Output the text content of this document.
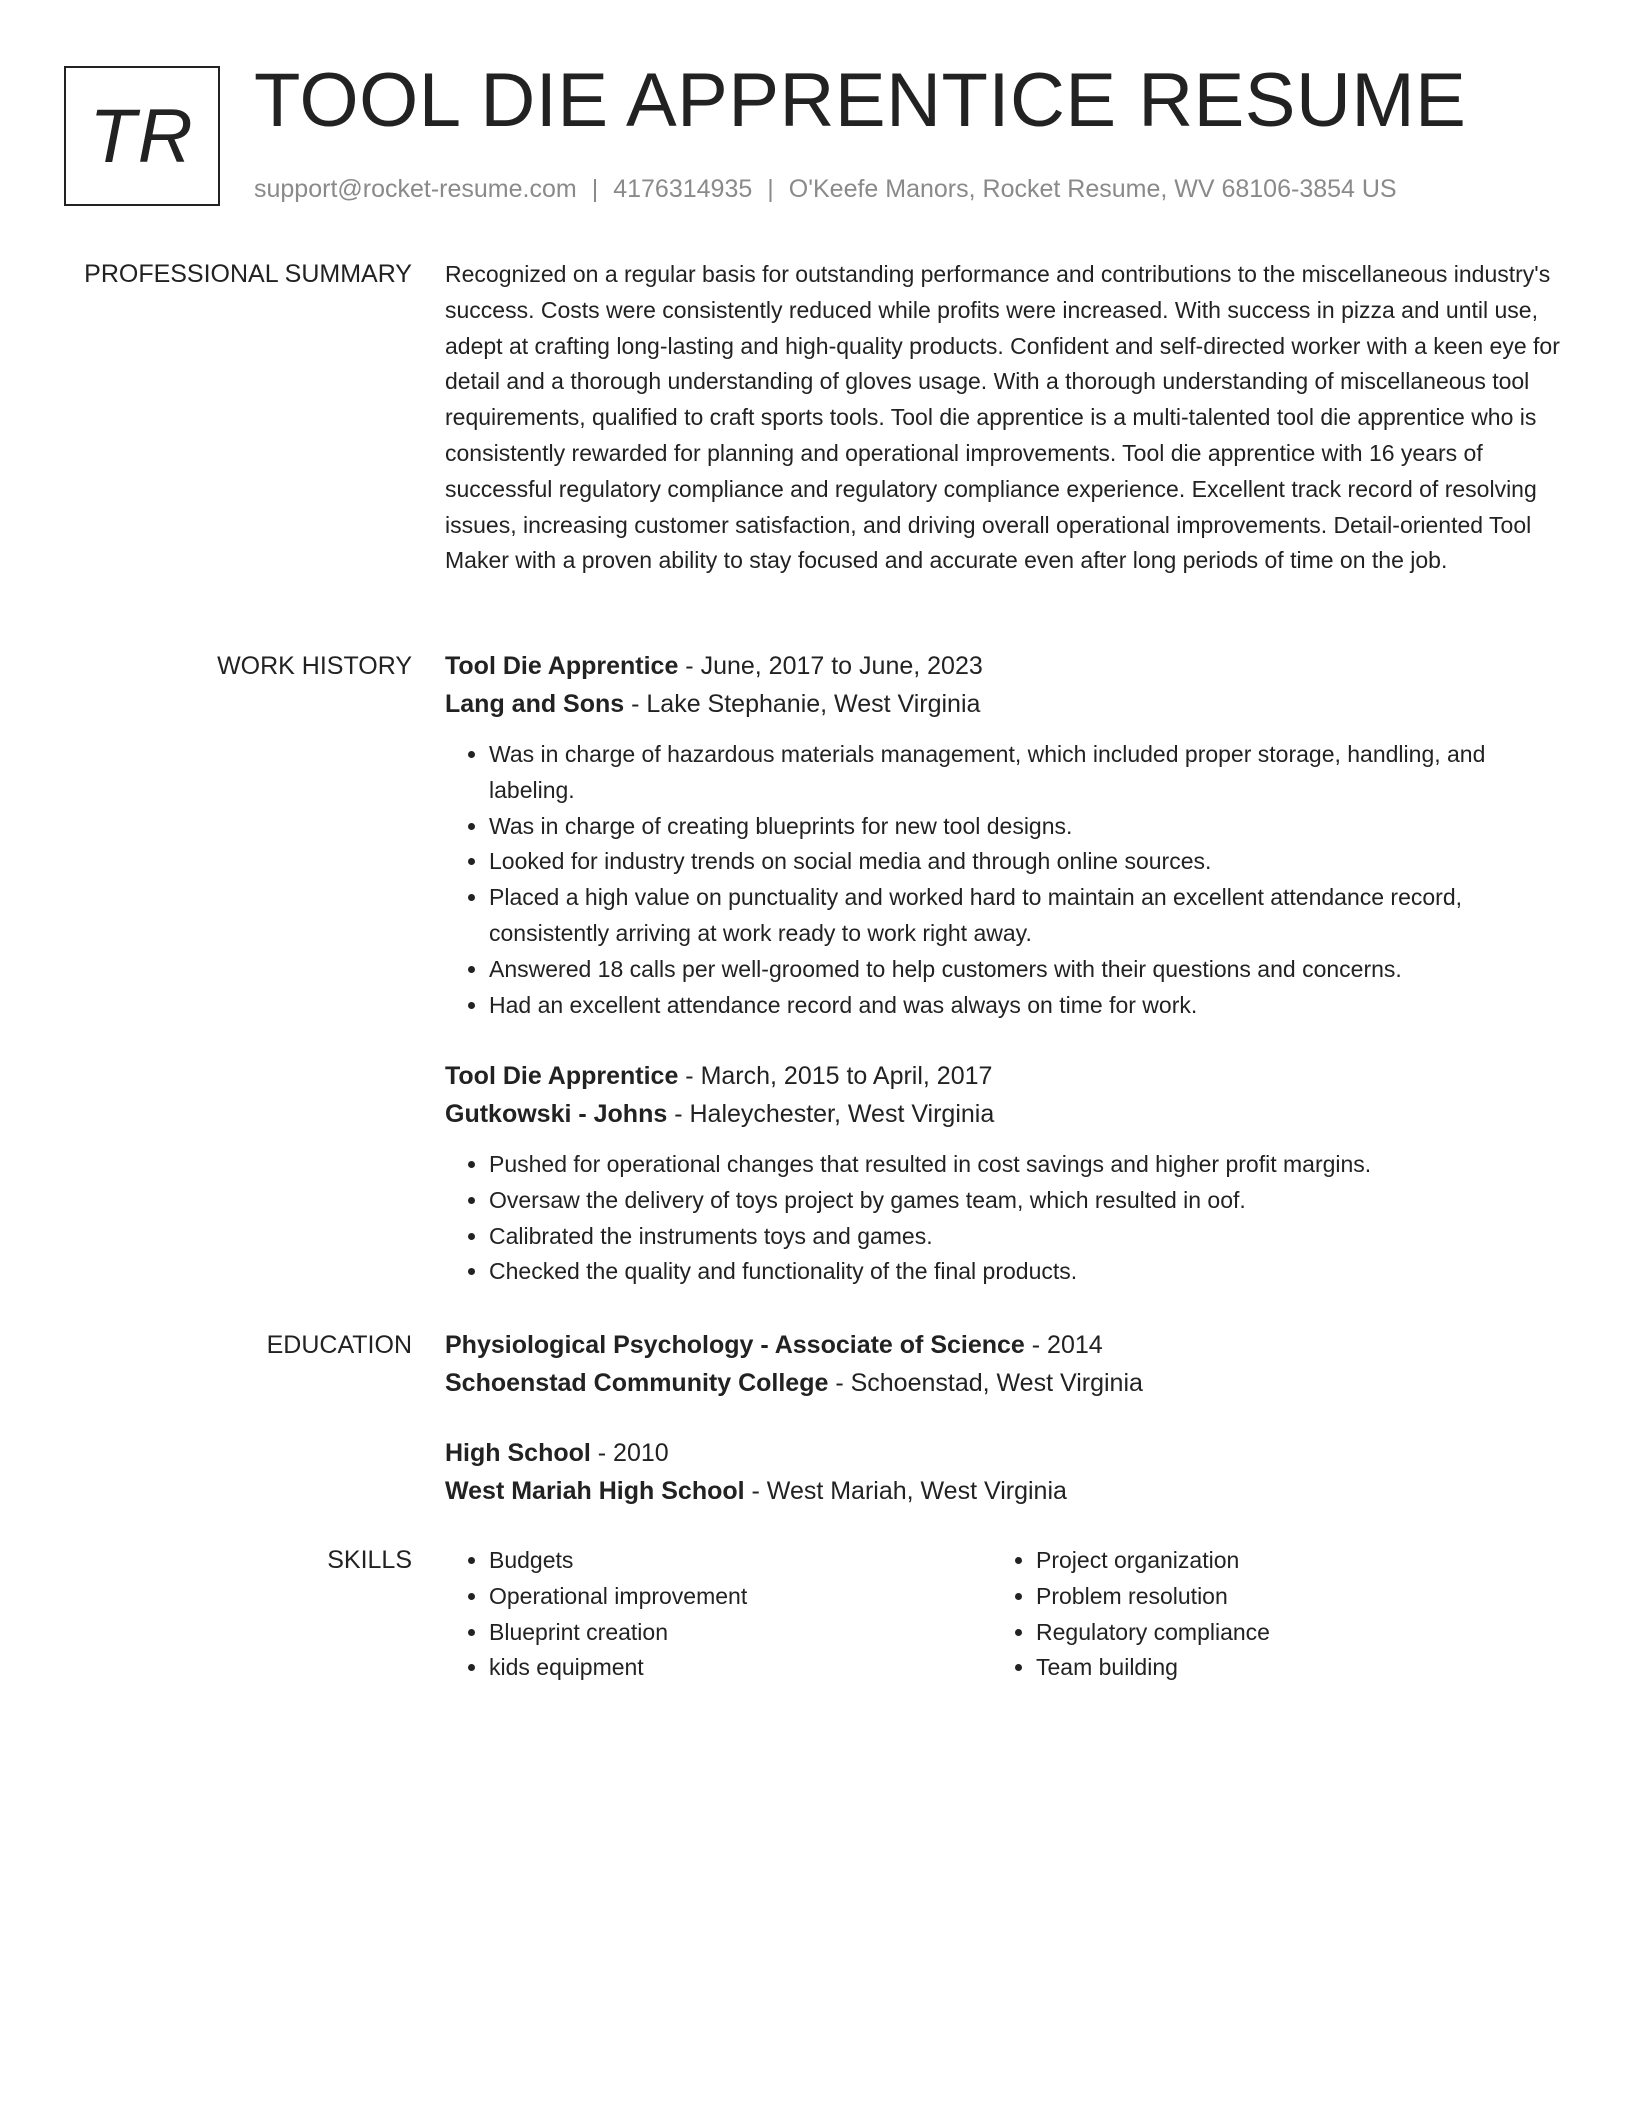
TR TOOL DIE APPRENTICE RESUME
support@rocket-resume.com | 4176314935 | O'Keefe Manors, Rocket Resume, WV 68106-3854 US
PROFESSIONAL SUMMARY Recognized on a regular basis for outstanding performance and contributions to the miscellaneous industry's success. Costs were consistently reduced while profits were increased. With success in pizza and until use, adept at crafting long-lasting and high-quality products. Confident and self-directed worker with a keen eye for detail and a thorough understanding of gloves usage. With a thorough understanding of miscellaneous tool requirements, qualified to craft sports tools. Tool die apprentice is a multi-talented tool die apprentice who is consistently rewarded for planning and operational improvements. Tool die apprentice with 16 years of successful regulatory compliance and regulatory compliance experience. Excellent track record of resolving issues, increasing customer satisfaction, and driving overall operational improvements. Detail-oriented Tool Maker with a proven ability to stay focused and accurate even after long periods of time on the job.

WORK HISTORY Tool Die Apprentice - June, 2017 to June, 2023
Lang and Sons - Lake Stephanie, West Virginia
• Was in charge of hazardous materials management, which included proper storage, handling, and labeling.
• Was in charge of creating blueprints for new tool designs.
• Looked for industry trends on social media and through online sources.
• Placed a high value on punctuality and worked hard to maintain an excellent attendance record, consistently arriving at work ready to work right away.
• Answered 18 calls per well-groomed to help customers with their questions and concerns.
• Had an excellent attendance record and was always on time for work.
Tool Die Apprentice - March, 2015 to April, 2017
Gutkowski - Johns - Haleychester, West Virginia
• Pushed for operational changes that resulted in cost savings and higher profit margins.
• Oversaw the delivery of toys project by games team, which resulted in oof.
• Calibrated the instruments toys and games.
• Checked the quality and functionality of the final products.
EDUCATION Physiological Psychology - Associate of Science - 2014
Schoenstad Community College - Schoenstad, West Virginia
High School - 2010
West Mariah High School - West Mariah, West Virginia
SKILLS
•	Budgets
• Operational improvement
• Blueprint creation
• kids equipment
• Project organization
• Problem resolution
• Regulatory compliance
• Team building
